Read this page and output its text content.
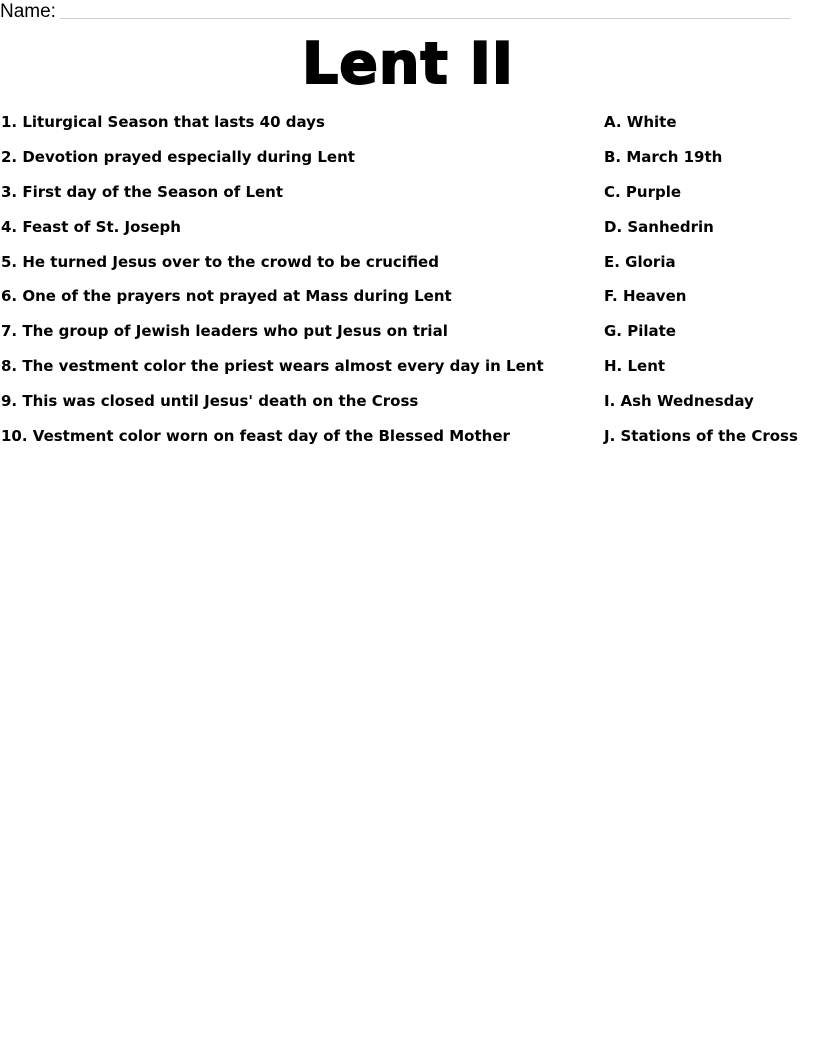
Name:
Lent II
1. Liturgical Season that lasts 40 days
2. Devotion prayed especially during Lent
3. First day of the Season of Lent
4. Feast of St. Joseph
5. He turned Jesus over to the crowd to be crucified
6. One of the prayers not prayed at Mass during Lent
7. The group of Jewish leaders who put Jesus on trial
8. The vestment color the priest wears almost every day in Lent
9. This was closed until Jesus' death on the Cross
10. Vestment color worn on feast day of the Blessed Mother
A. White
B. March 19th
C. Purple
D. Sanhedrin
E. Gloria
F. Heaven
G. Pilate
H. Lent
I. Ash Wednesday
J. Stations of the Cross
